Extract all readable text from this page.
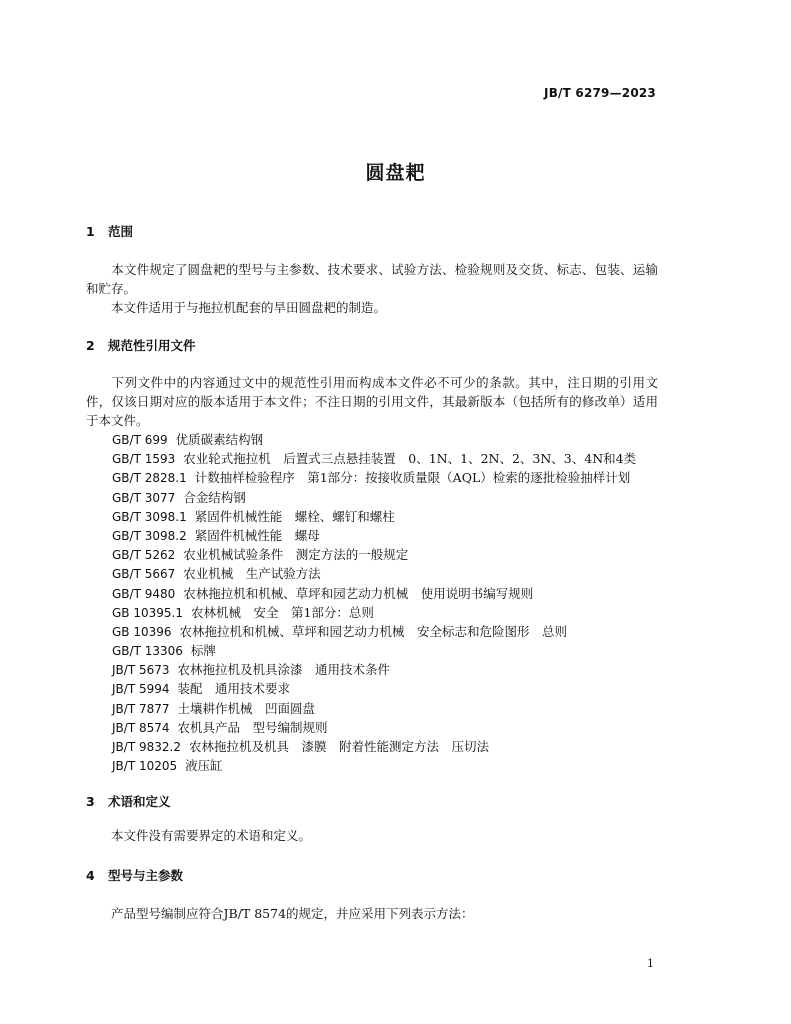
JB/T 6279—2023
圆盘耙
1 范围
本文件规定了圆盘耙的型号与主参数、技术要求、试验方法、检验规则及交货、标志、包装、运输和贮存。
本文件适用于与拖拉机配套的旱田圆盘耙的制造。
2 规范性引用文件
下列文件中的内容通过文中的规范性引用而构成本文件必不可少的条款。其中，注日期的引用文件，仅该日期对应的版本适用于本文件；不注日期的引用文件，其最新版本（包括所有的修改单）适用于本文件。
GB/T 699 优质碳素结构钢
GB/T 1593 农业轮式拖拉机　后置式三点悬挂装置　0、1N、1、2N、2、3N、3、4N和4类
GB/T 2828.1 计数抽样检验程序　第1部分：按接收质量限（AQL）检索的逐批检验抽样计划
GB/T 3077 合金结构钢
GB/T 3098.1 紧固件机械性能　螺栓、螺钉和螺柱
GB/T 3098.2 紧固件机械性能　螺母
GB/T 5262 农业机械试验条件　测定方法的一般规定
GB/T 5667 农业机械　生产试验方法
GB/T 9480 农林拖拉机和机械、草坪和园艺动力机械　使用说明书编写规则
GB 10395.1 农林机械　安全　第1部分：总则
GB 10396 农林拖拉机和机械、草坪和园艺动力机械　安全标志和危险图形　总则
GB/T 13306 标牌
JB/T 5673 农林拖拉机及机具涂漆　通用技术条件
JB/T 5994 装配　通用技术要求
JB/T 7877 土壤耕作机械　凹面圆盘
JB/T 8574 农机具产品　型号编制规则
JB/T 9832.2 农林拖拉机及机具　漆膜　附着性能测定方法　压切法
JB/T 10205 液压缸
3 术语和定义
本文件没有需要界定的术语和定义。
4 型号与主参数
产品型号编制应符合JB/T 8574的规定，并应采用下列表示方法：
1
